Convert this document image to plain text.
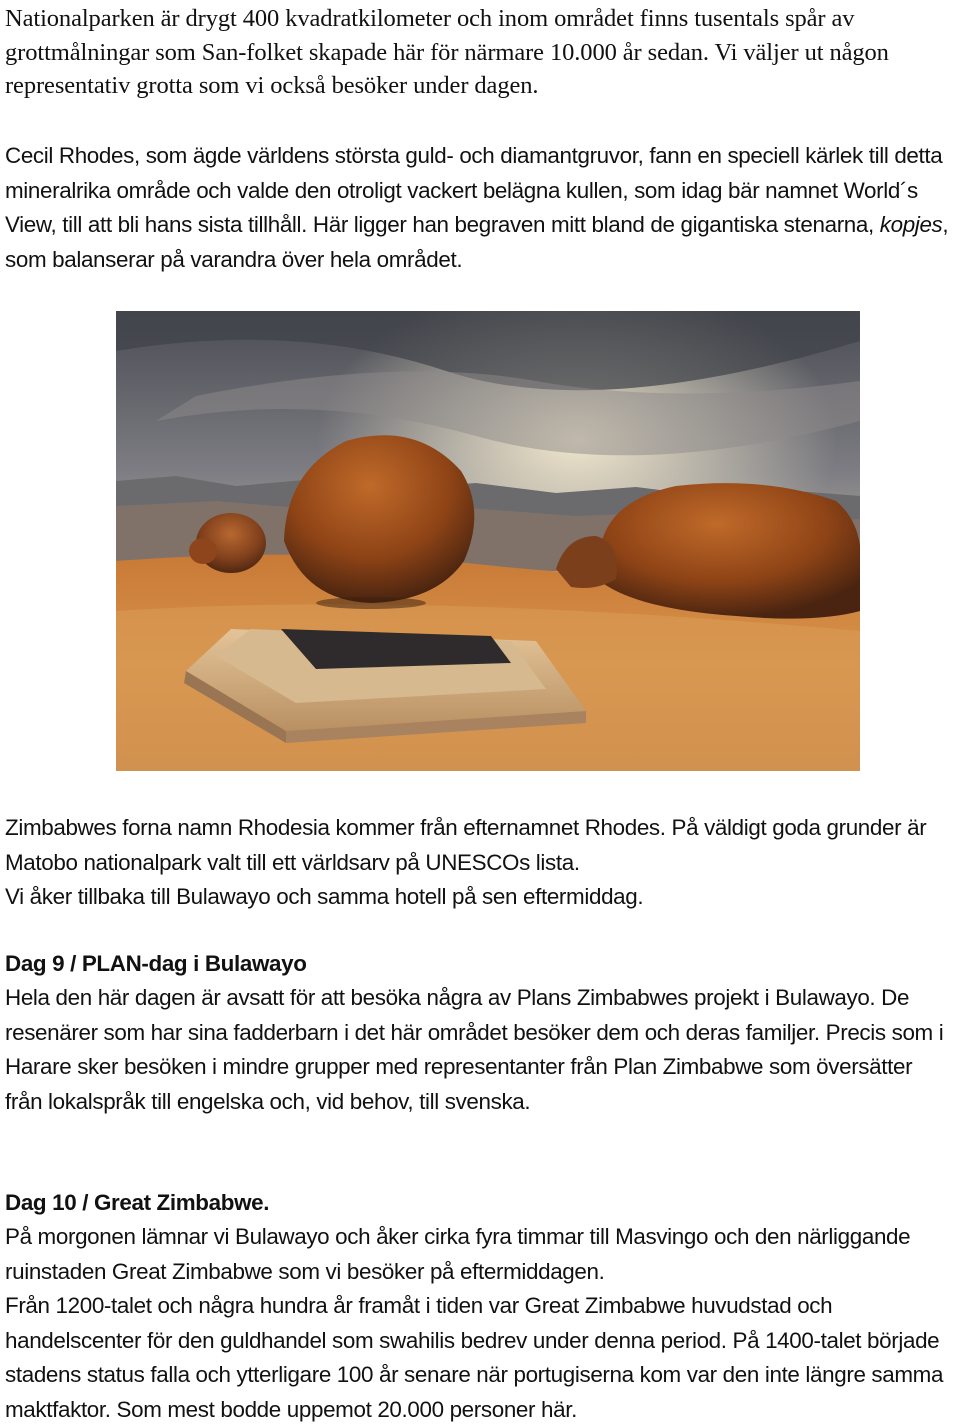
Nationalparken är drygt 400 kvadratkilometer och inom området finns tusentals spår av grottmålningar som San-folket skapade här för närmare 10.000 år sedan. Vi väljer ut någon representativ grotta som vi också besöker under dagen.

Cecil Rhodes, som ägde världens största guld- och diamantgruvor, fann en speciell kärlek till detta mineralrika område och valde den otroligt vackert belägna kullen, som idag bär namnet World´s View, till att bli hans sista tillhåll. Här ligger han begraven mitt bland de gigantiska stenarna, kopjes, som balanserar på varandra över hela området.

Zimbabwes forna namn Rhodesia kommer från efternamnet Rhodes. På väldigt goda grunder är Matobo nationalpark valt till ett världsarv på UNESCOs lista.
Vi åker tillbaka till Bulawayo och samma hotell på sen eftermiddag.

Dag 9 / PLAN-dag i Bulawayo

Hela den här dagen är avsatt för att besöka några av Plans Zimbabwes projekt i Bulawayo. De resenärer som har sina fadderbarn i det här området besöker dem och deras familjer. Precis som i Harare sker besöken i mindre grupper med representanter från Plan Zimbabwe som översätter från lokalspråk till engelska och, vid behov, till svenska.

Dag 10 / Great Zimbabwe.

På morgonen lämnar vi Bulawayo och åker cirka fyra timmar till Masvingo och den närliggande ruinstaden Great Zimbabwe som vi besöker på eftermiddagen.

Från 1200-talet och några hundra år framåt i tiden var Great Zimbabwe huvudstad och handelscenter för den guldhandel som swahilis bedrev under denna period. På 1400-talet började stadens status falla och ytterligare 100 år senare när portugiserna kom var den inte längre samma maktfaktor. Som mest bodde uppemot 20.000 personer här.
